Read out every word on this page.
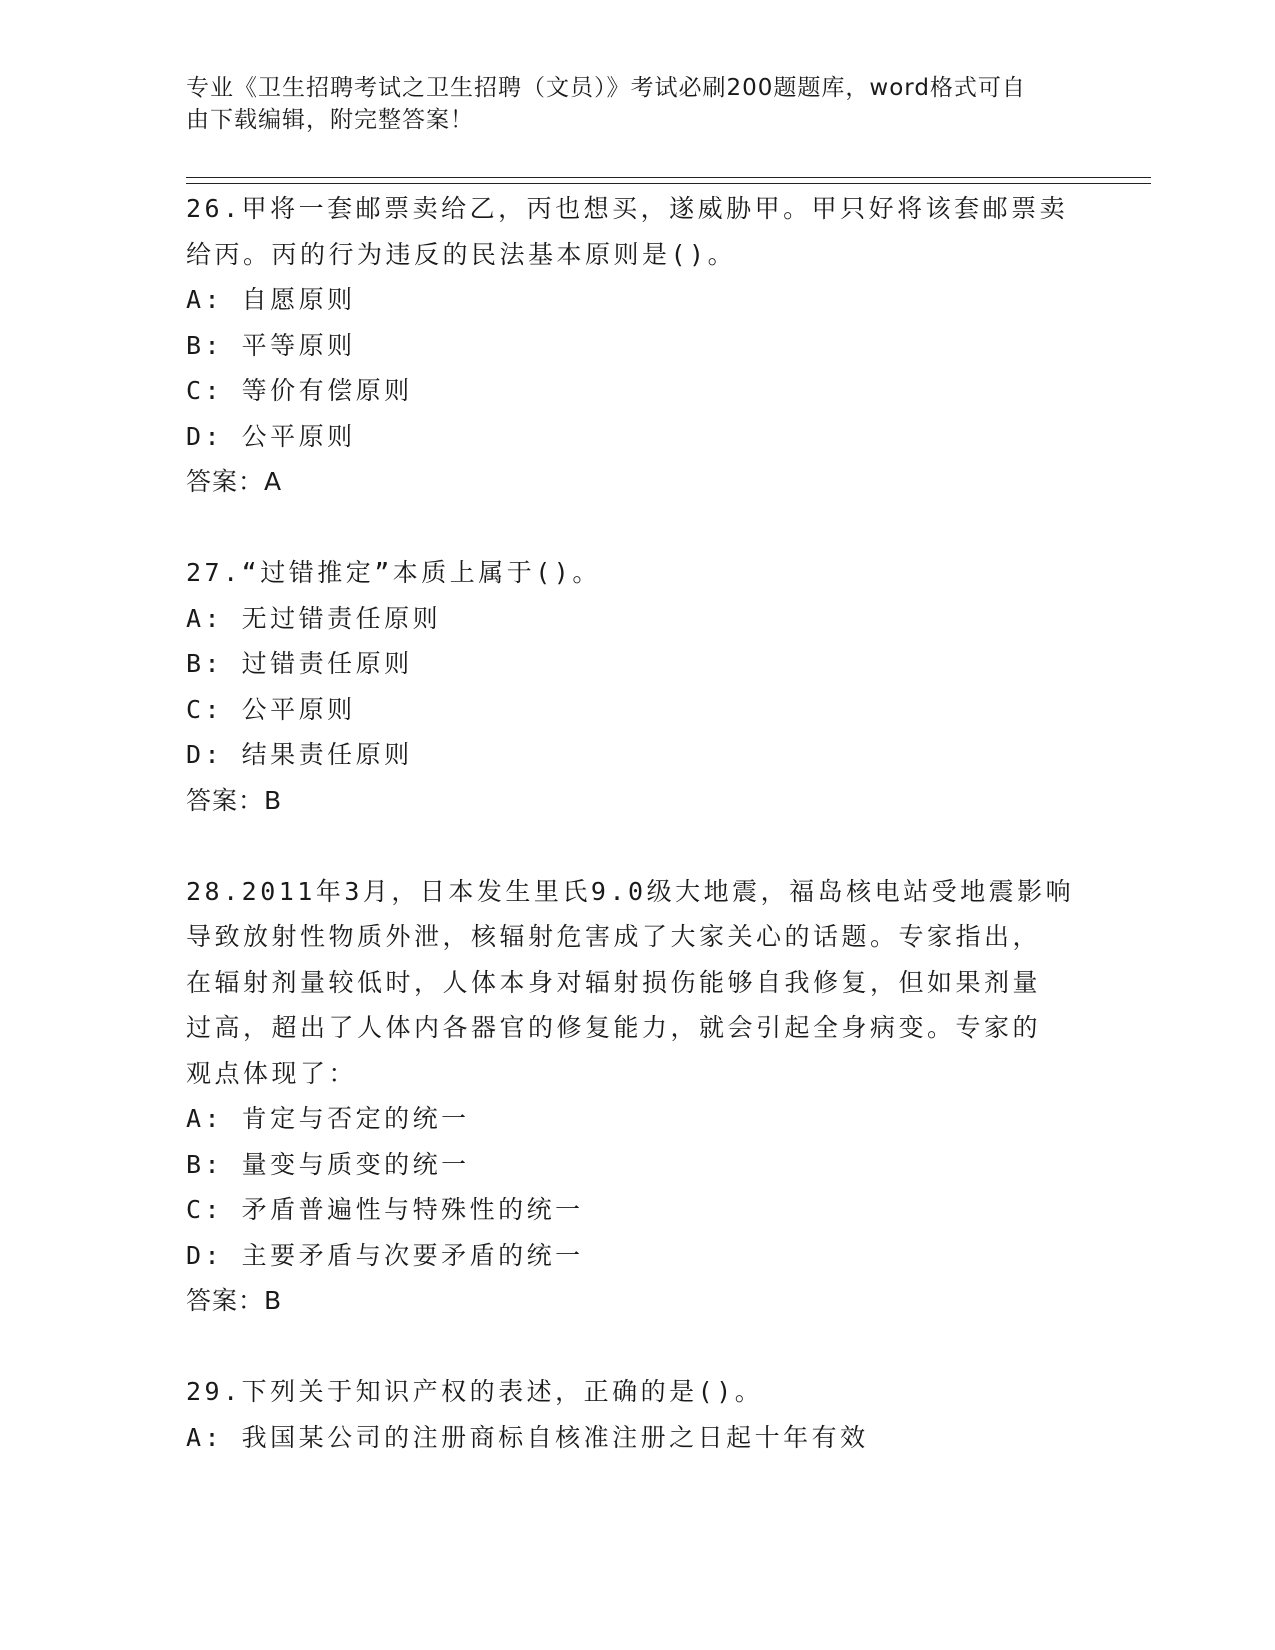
专业《卫生招聘考试之卫生招聘（文员）》考试必刷200题题库，word格式可自
由下载编辑，附完整答案！
26.甲将一套邮票卖给乙，丙也想买，遂威胁甲。甲只好将该套邮票卖
给丙。丙的行为违反的民法基本原则是()。
A: 自愿原则
B: 平等原则
C: 等价有偿原则
D: 公平原则
答案：A
27.“过错推定”本质上属于()。
A: 无过错责任原则
B: 过错责任原则
C: 公平原则
D: 结果责任原则
答案：B
28.2011年3月，日本发生里氏9.0级大地震，福岛核电站受地震影响
导致放射性物质外泄，核辐射危害成了大家关心的话题。专家指出，
在辐射剂量较低时，人体本身对辐射损伤能够自我修复，但如果剂量
过高，超出了人体内各器官的修复能力，就会引起全身病变。专家的
观点体现了：
A: 肯定与否定的统一
B: 量变与质变的统一
C: 矛盾普遍性与特殊性的统一
D: 主要矛盾与次要矛盾的统一
答案：B
29.下列关于知识产权的表述，正确的是()。
A: 我国某公司的注册商标自核准注册之日起十年有效
